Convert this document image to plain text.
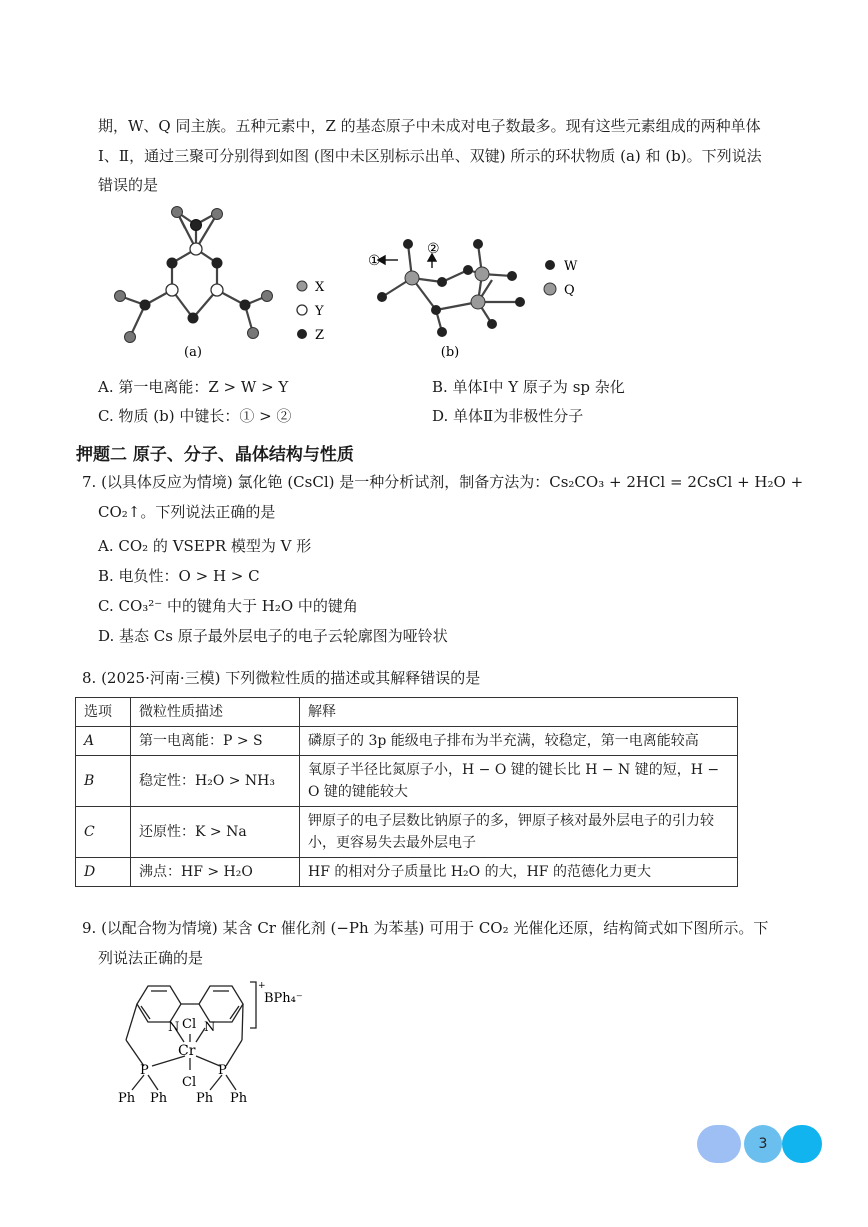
期，W、Q 同主族。五种元素中，Z 的基态原子中未成对电子数最多。现有这些元素组成的两种单体
Ⅰ、Ⅱ，通过三聚可分别得到如图 (图中未区别标示出单、双键) 所示的环状物质 (a) 和 (b)。下列说法
错误的是
(a)
X
Y
Z
①
②
(b)
W
Q
A. 第一电离能：Z > W > Y	B. 单体Ⅰ中 Y 原子为 sp 杂化
C. 物质 (b) 中键长：① > ②	D. 单体Ⅱ为非极性分子
押题二 原子、分子、晶体结构与性质
7. (以具体反应为情境) 氯化铯 (CsCl) 是一种分析试剂，制备方法为：Cs₂CO₃ + 2HCl = 2CsCl + H₂O +
CO₂↑。下列说法正确的是
A. CO₂ 的 VSEPR 模型为 V 形
B. 电负性：O > H > C
C. CO₃²⁻ 中的键角大于 H₂O 中的键角
D. 基态 Cs 原子最外层电子的电子云轮廓图为哑铃状
8. (2025·河南·三模) 下列微粒性质的描述或其解释错误的是
选项	微粒性质描述	解释
A	第一电离能：P > S	磷原子的 3p 能级电子排布为半充满，较稳定，第一电离能较高
B	稳定性：H₂O > NH₃	氧原子半径比氮原子小，H − O 键的键长比 H − N 键的短，H − O 键的键能较大
C	还原性：K > Na	钾原子的电子层数比钠原子的多，钾原子核对最外层电子的引力较小，更容易失去最外层电子
D	沸点：HF > H₂O	HF 的相对分子质量比 H₂O 的大，HF 的范德化力更大
9. (以配合物为情境) 某含 Cr 催化剂 (−Ph 为苯基) 可用于 CO₂ 光催化还原，结构简式如下图所示。下
列说法正确的是
N N
Cl
Cr
Cl
P	P
Ph Ph Ph Ph
+
BPh₄⁻
3
